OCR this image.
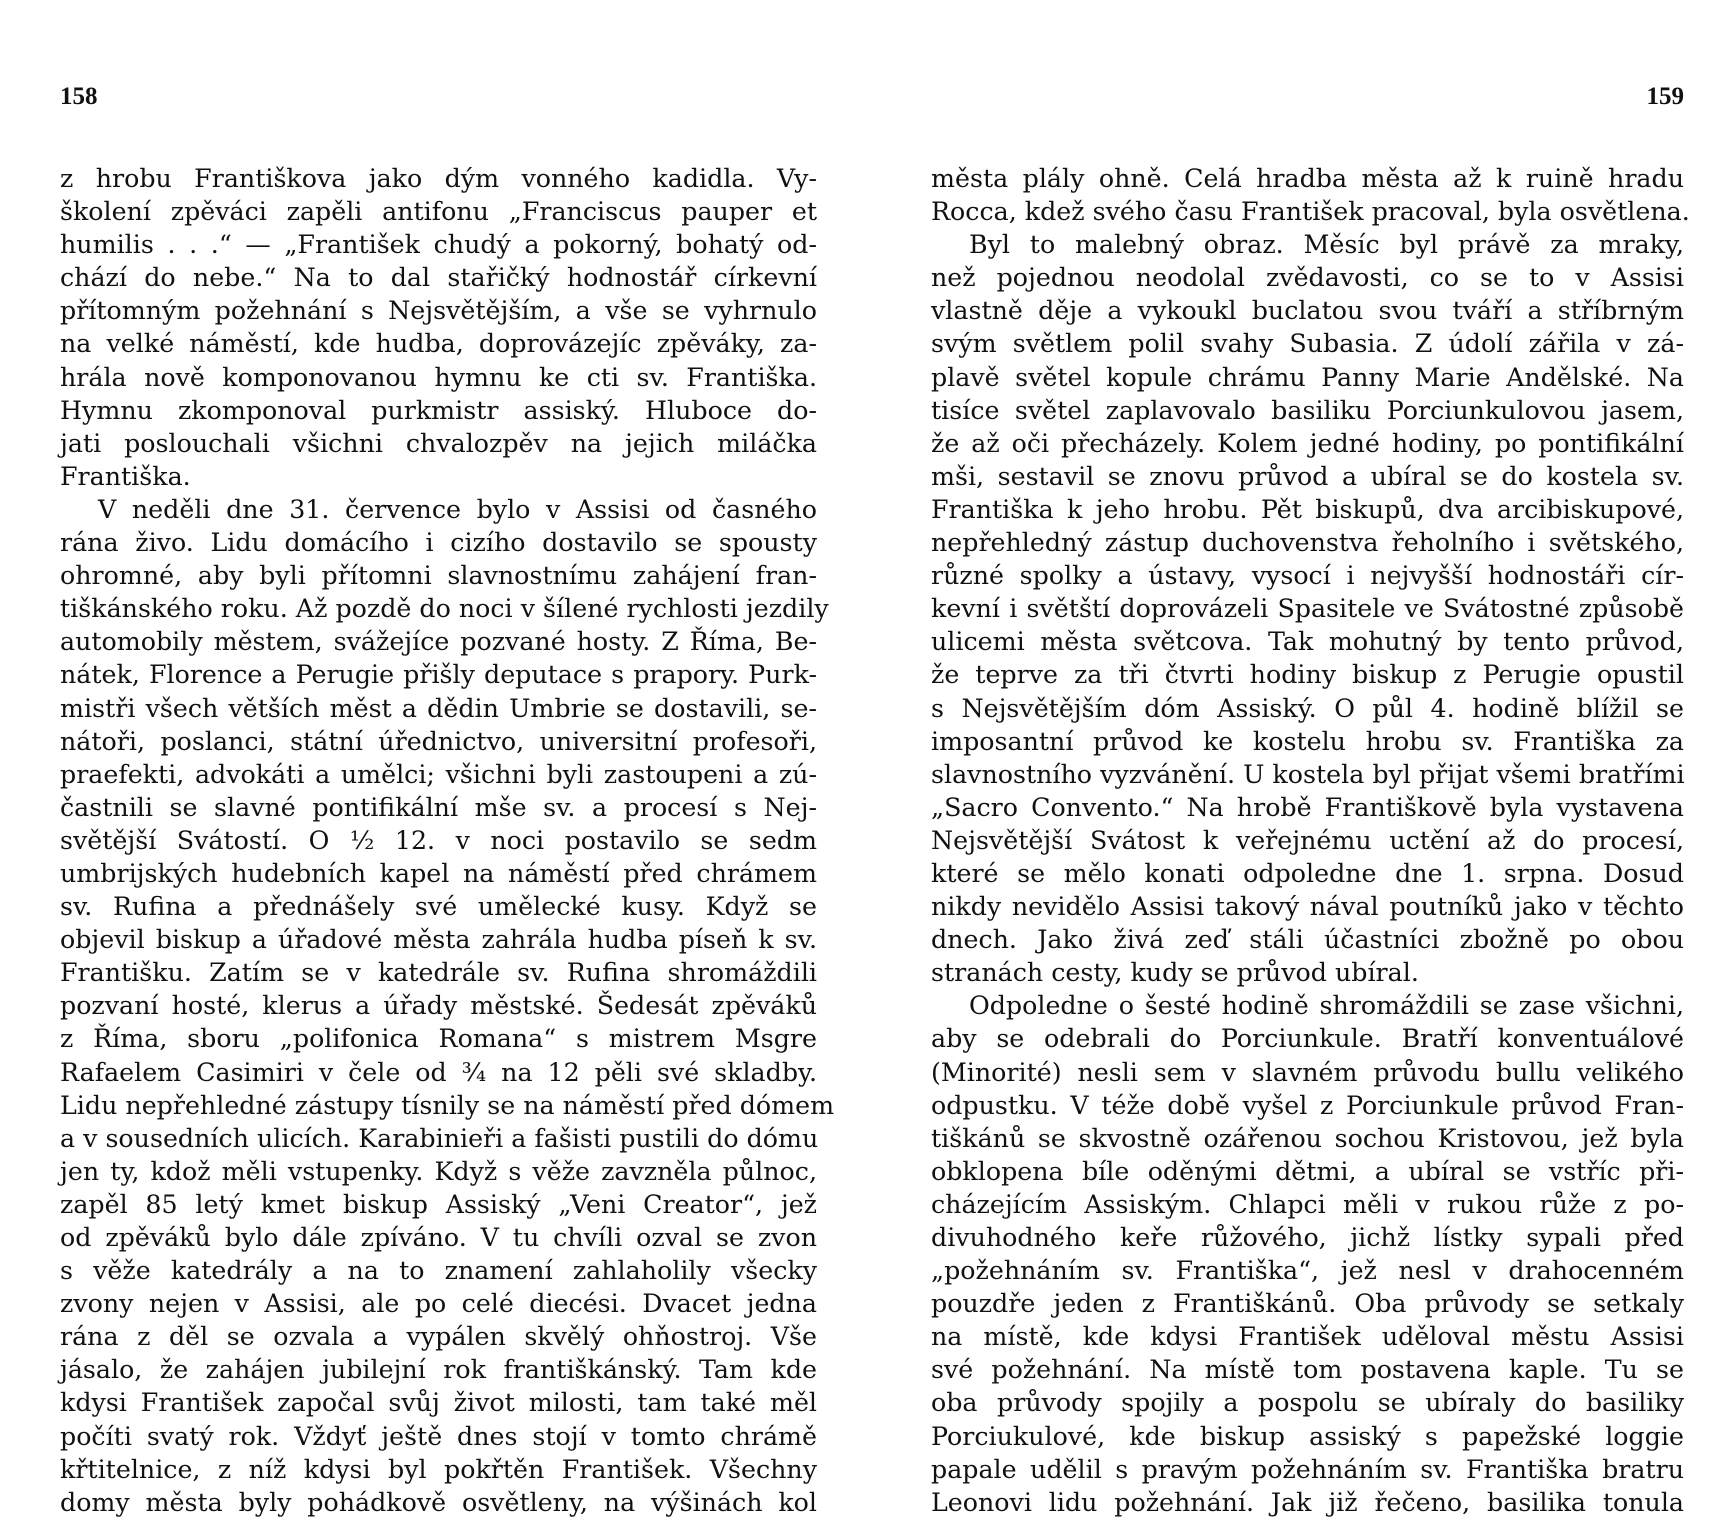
158
z hrobu Františkova jako dým vonného kadidla. Vy-
školení zpěváci zapěli antifonu „Franciscus pauper et
humilis . . .“ — „František chudý a pokorný, bohatý od-
chází do nebe.“ Na to dal stařičký hodnostář církevní
přítomným požehnání s Nejsvětějším, a vše se vyhrnulo
na velké náměstí, kde hudba, doprovázejíc zpěváky, za-
hrála nově komponovanou hymnu ke cti sv. Františka.
Hymnu zkomponoval purkmistr assiský. Hluboce do-
jati poslouchali všichni chvalozpěv na jejich miláčka
Františka.
V neděli dne 31. července bylo v Assisi od časného
rána živo. Lidu domácího i cizího dostavilo se spousty
ohromné, aby byli přítomni slavnostnímu zahájení fran-
tiškánského roku. Až pozdě do noci v šílené rychlosti jezdily
automobily městem, svážejíce pozvané hosty. Z Říma, Be-
nátek, Florence a Perugie přišly deputace s prapory. Purk-
mistři všech větších měst a dědin Umbrie se dostavili, se-
nátoři, poslanci, státní úřednictvo, universitní profesoři,
praefekti, advokáti a umělci; všichni byli zastoupeni a zú-
častnili se slavné pontifikální mše sv. a procesí s Nej-
světější Svátostí. O ½ 12. v noci postavilo se sedm
umbrijských hudebních kapel na náměstí před chrámem
sv. Rufina a přednášely své umělecké kusy. Když se
objevil biskup a úřadové města zahrála hudba píseň k sv.
Františku. Zatím se v katedrále sv. Rufina shromáždili
pozvaní hosté, klerus a úřady městské. Šedesát zpěváků
z Říma, sboru „polifonica Romana“ s mistrem Msgre
Rafaelem Casimiri v čele od ¾ na 12 pěli své skladby.
Lidu nepřehledné zástupy tísnily se na náměstí před dómem
a v sousedních ulicích. Karabinieři a fašisti pustili do dómu
jen ty, kdož měli vstupenky. Když s věže zavzněla půlnoc,
zapěl 85 letý kmet biskup Assiský „Veni Creator“, jež
od zpěváků bylo dále zpíváno. V tu chvíli ozval se zvon
s věže katedrály a na to znamení zahlaholily všecky
zvony nejen v Assisi, ale po celé diecési. Dvacet jedna
rána z děl se ozvala a vypálen skvělý ohňostroj. Vše
jásalo, že zahájen jubilejní rok františkánský. Tam kde
kdysi František započal svůj život milosti, tam také měl
počíti svatý rok. Vždyť ještě dnes stojí v tomto chrámě
křtitelnice, z níž kdysi byl pokřtěn František. Všechny
domy města byly pohádkově osvětleny, na výšinách kol
159
města plály ohně. Celá hradba města až k ruině hradu
Rocca, kdež svého času František pracoval, byla osvětlena.
Byl to malebný obraz. Měsíc byl právě za mraky,
než pojednou neodolal zvědavosti, co se to v Assisi
vlastně děje a vykoukl buclatou svou tváří a stříbrným
svým světlem polil svahy Subasia. Z údolí zářila v zá-
plavě světel kopule chrámu Panny Marie Andělské. Na
tisíce světel zaplavovalo basiliku Porciunkulovou jasem,
že až oči přecházely. Kolem jedné hodiny, po pontifikální
mši, sestavil se znovu průvod a ubíral se do kostela sv.
Františka k jeho hrobu. Pět biskupů, dva arcibiskupové,
nepřehledný zástup duchovenstva řeholního i světského,
různé spolky a ústavy, vysocí i nejvyšší hodnostáři cír-
kevní i světští doprovázeli Spasitele ve Svátostné způsobě
ulicemi města světcova. Tak mohutný by tento průvod,
že teprve za tři čtvrti hodiny biskup z Perugie opustil
s Nejsvětějším dóm Assiský. O půl 4. hodině blížil se
imposantní průvod ke kostelu hrobu sv. Františka za
slavnostního vyzvánění. U kostela byl přijat všemi bratřími
„Sacro Convento.“ Na hrobě Františkově byla vystavena
Nejsvětější Svátost k veřejnému uctění až do procesí,
které se mělo konati odpoledne dne 1. srpna. Dosud
nikdy nevidělo Assisi takový nával poutníků jako v těchto
dnech. Jako živá zeď stáli účastníci zbožně po obou
stranách cesty, kudy se průvod ubíral.
Odpoledne o šesté hodině shromáždili se zase všichni,
aby se odebrali do Porciunkule. Bratří konventuálové
(Minorité) nesli sem v slavném průvodu bullu velikého
odpustku. V téže době vyšel z Porciunkule průvod Fran-
tiškánů se skvostně ozářenou sochou Kristovou, jež byla
obklopena bíle oděnými dětmi, a ubíral se vstříc při-
cházejícím Assiským. Chlapci měli v rukou růže z po-
divuhodného keře růžového, jichž lístky sypali před
„požehnáním sv. Františka“, jež nesl v drahocenném
pouzdře jeden z Františkánů. Oba průvody se setkaly
na místě, kde kdysi František uděloval městu Assisi
své požehnání. Na místě tom postavena kaple. Tu se
oba průvody spojily a pospolu se ubíraly do basiliky
Porciukulové, kde biskup assiský s papežské loggie
papale udělil s pravým požehnáním sv. Františka bratru
Leonovi lidu požehnání. Jak již řečeno, basilika tonula
